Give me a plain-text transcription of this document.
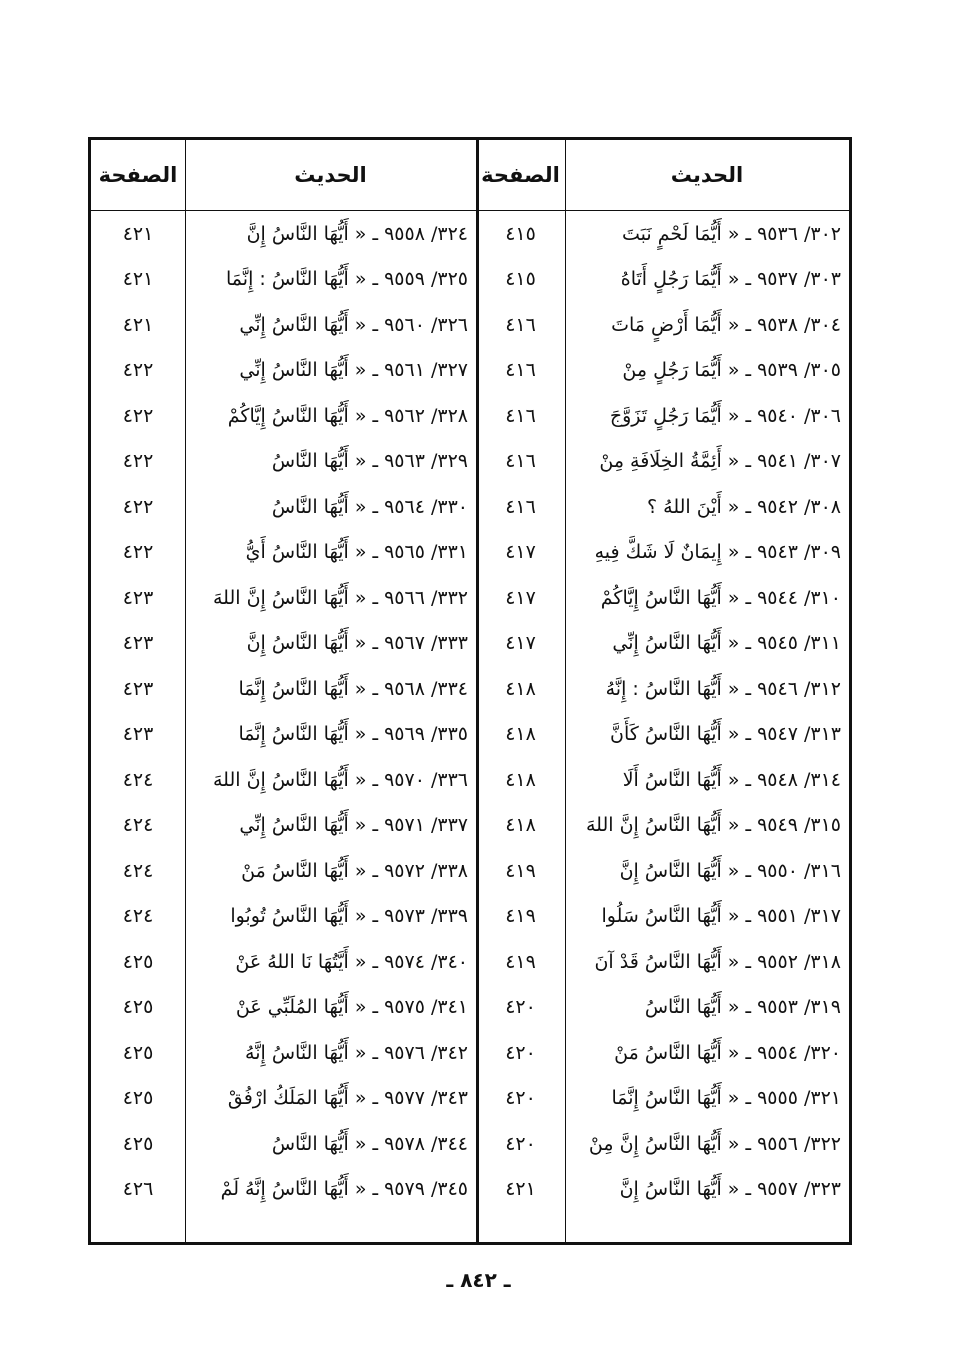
الحديث
الصفحة
الحديث
الصفحة
٣٠٢/ ٩٥٣٦ ـ « أَيُّمَا لَحْمٍ نَبَتَ
٤١٥
٣٢٤/ ٩٥٥٨ ـ « أَيُّهَا النَّاسُ إِنَّ
٤٢١
٣٠٣/ ٩٥٣٧ ـ « أَيُّمَا رَجُلٍ أَتَاهُ
٤١٥
٣٢٥/ ٩٥٥٩ ـ « أَيُّهَا النَّاسُ : إِنَّمَا
٤٢١
٣٠٤/ ٩٥٣٨ ـ « أَيُّمَا أَرْضٍ مَاتَ
٤١٦
٣٢٦/ ٩٥٦٠ ـ « أَيُّهَا النَّاسُ إِنِّي
٤٢١
٣٠٥/ ٩٥٣٩ ـ « أَيُّمَا رَجُلٍ مِنْ
٤١٦
٣٢٧/ ٩٥٦١ ـ « أَيُّهَا النَّاسُ إِنِّي
٤٢٢
٣٠٦/ ٩٥٤٠ ـ « أَيُّمَا رَجُلٍ تَزَوَّجَ
٤١٦
٣٢٨/ ٩٥٦٢ ـ « أَيُّهَا النَّاسُ إِيَّاكُمْ
٤٢٢
٣٠٧/ ٩٥٤١ ـ « أَئِمَّةُ الخِلَافَةِ مِنْ
٤١٦
٣٢٩/ ٩٥٦٣ ـ « أَيُّهَا النَّاسُ
٤٢٢
٣٠٨/ ٩٥٤٢ ـ « أَيْنَ اللهُ ؟
٤١٦
٣٣٠/ ٩٥٦٤ ـ « أَيُّهَا النَّاسُ
٤٢٢
٣٠٩/ ٩٥٤٣ ـ « إِيمَانٌ لَا شَكَّ فِيهِ
٤١٧
٣٣١/ ٩٥٦٥ ـ « أَيُّهَا النَّاسُ أَيُّ
٤٢٢
٣١٠/ ٩٥٤٤ ـ « أَيُّهَا النَّاسُ إِيَّاكُمْ
٤١٧
٣٣٢/ ٩٥٦٦ ـ « أَيُّهَا النَّاسُ إِنَّ اللهَ
٤٢٣
٣١١/ ٩٥٤٥ ـ « أَيُّهَا النَّاسُ إِنِّي
٤١٧
٣٣٣/ ٩٥٦٧ ـ « أَيُّهَا النَّاسُ إِنَّ
٤٢٣
٣١٢/ ٩٥٤٦ ـ « أَيُّهَا النَّاسُ : إِنَّهُ
٤١٨
٣٣٤/ ٩٥٦٨ ـ « أَيُّهَا النَّاسُ إِنَّمَا
٤٢٣
٣١٣/ ٩٥٤٧ ـ « أَيُّهَا النَّاسُ كَأَنَّ
٤١٨
٣٣٥/ ٩٥٦٩ ـ « أَيُّهَا النَّاسُ إِنَّمَا
٤٢٣
٣١٤/ ٩٥٤٨ ـ « أَيُّهَا النَّاسُ أَلَا
٤١٨
٣٣٦/ ٩٥٧٠ ـ « أَيُّهَا النَّاسُ إِنَّ اللهَ
٤٢٤
٣١٥/ ٩٥٤٩ ـ « أَيُّهَا النَّاسُ إِنَّ اللهَ
٤١٨
٣٣٧/ ٩٥٧١ ـ « أَيُّهَا النَّاسُ إِنِّي
٤٢٤
٣١٦/ ٩٥٥٠ ـ « أَيُّهَا النَّاسُ إِنَّ
٤١٩
٣٣٨/ ٩٥٧٢ ـ « أَيُّهَا النَّاسُ مَنْ
٤٢٤
٣١٧/ ٩٥٥١ ـ « أَيُّهَا النَّاسُ سَلُوا
٤١٩
٣٣٩/ ٩٥٧٣ ـ « أَيُّهَا النَّاسُ تُوبُوا
٤٢٤
٣١٨/ ٩٥٥٢ ـ « أَيُّهَا النَّاسُ قَدْ آنَ
٤١٩
٣٤٠/ ٩٥٧٤ ـ « أَيَّتُهَا نَا اللهُ عَنْ
٤٢٥
٣١٩/ ٩٥٥٣ ـ « أَيُّهَا النَّاسُ
٤٢٠
٣٤١/ ٩٥٧٥ ـ « أَيُّهَا المُلَبِّي عَنْ
٤٢٥
٣٢٠/ ٩٥٥٤ ـ « أَيُّهَا النَّاسُ مَنْ
٤٢٠
٣٤٢/ ٩٥٧٦ ـ « أَيُّهَا النَّاسُ إِنَّهُ
٤٢٥
٣٢١/ ٩٥٥٥ ـ « أَيُّهَا النَّاسُ إِنَّمَا
٤٢٠
٣٤٣/ ٩٥٧٧ ـ « أَيُّهَا المَلَكُ ارْفُقْ
٤٢٥
٣٢٢/ ٩٥٥٦ ـ « أَيُّهَا النَّاسُ إِنَّ مِنْ
٤٢٠
٣٤٤/ ٩٥٧٨ ـ « أَيُّهَا النَّاسُ
٤٢٥
٣٢٣/ ٩٥٥٧ ـ « أَيُّهَا النَّاسُ إِنَّ
٤٢١
٣٤٥/ ٩٥٧٩ ـ « أَيُّهَا النَّاسُ إِنَّهُ لَمْ
٤٢٦
ـ ٨٤٢ ـ
